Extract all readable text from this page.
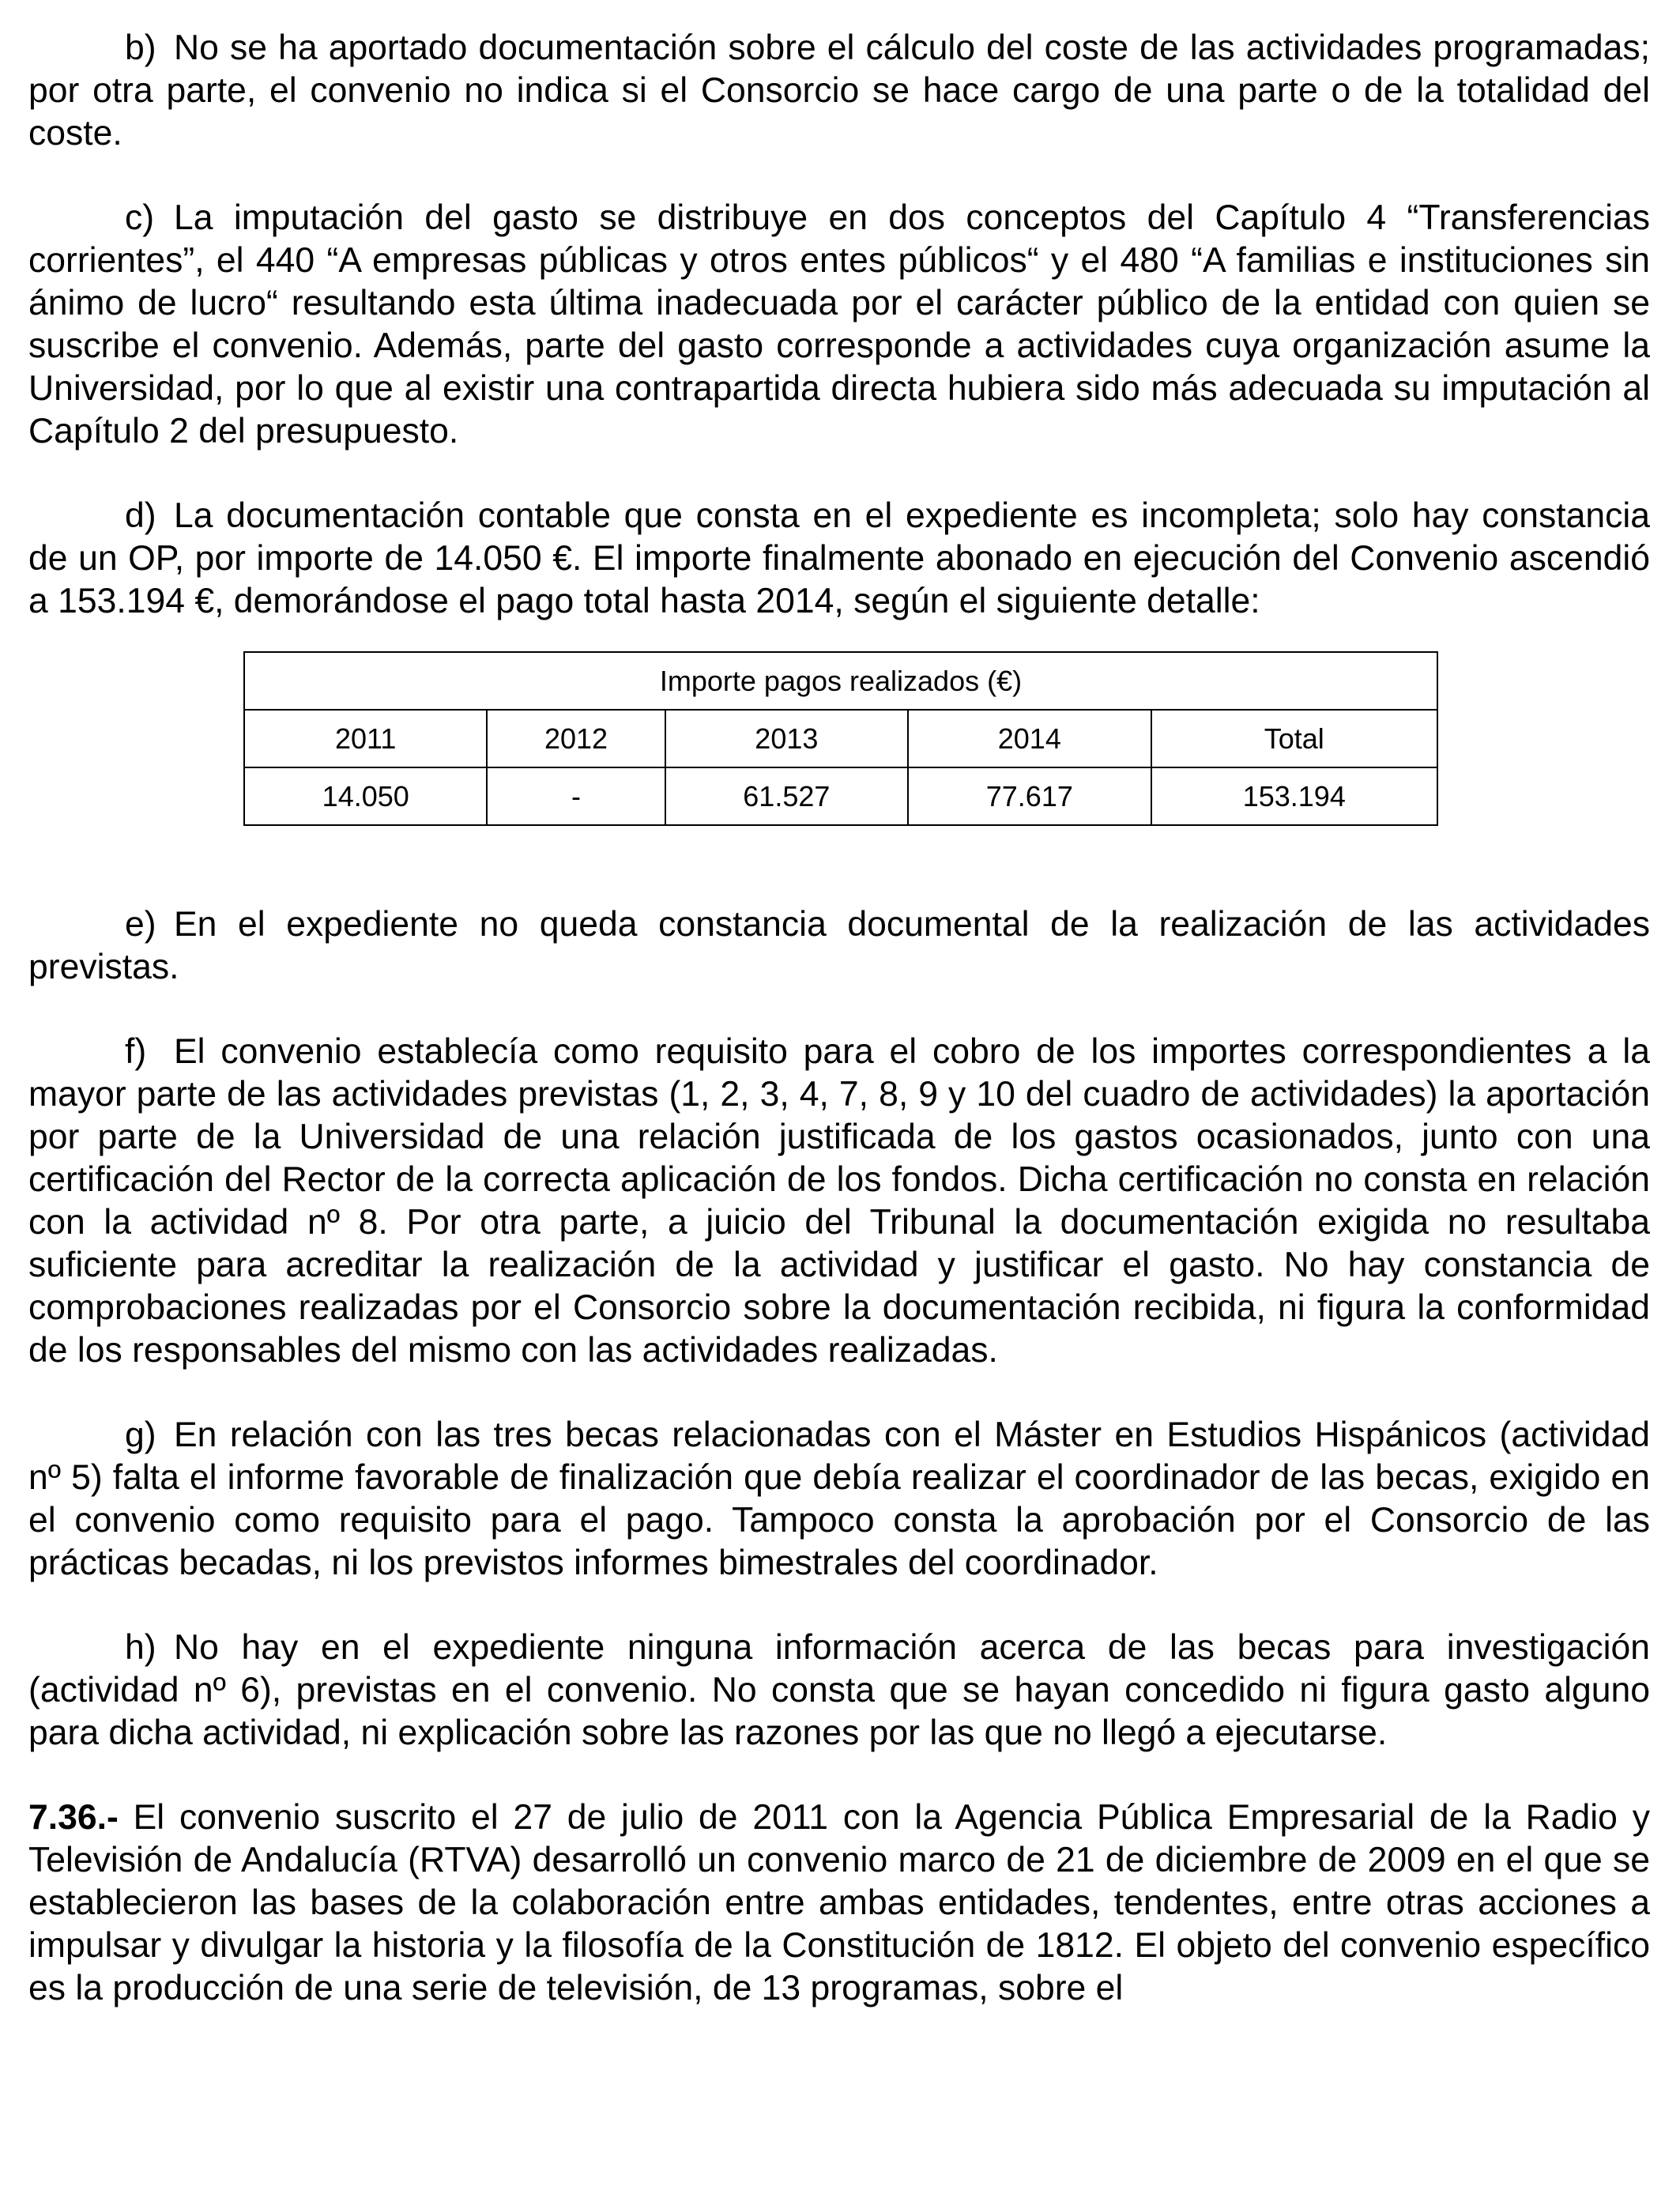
b) No se ha aportado documentación sobre el cálculo del coste de las actividades programadas; por otra parte, el convenio no indica si el Consorcio se hace cargo de una parte o de la totalidad del coste.

c) La imputación del gasto se distribuye en dos conceptos del Capítulo 4 “Transferencias corrientes”, el 440 “A empresas públicas y otros entes públicos“ y el 480 “A familias e instituciones sin ánimo de lucro“ resultando esta última inadecuada por el carácter público de la entidad con quien se suscribe el convenio. Además, parte del gasto corresponde a actividades cuya organización asume la Universidad, por lo que al existir una contrapartida directa hubiera sido más adecuada su imputación al Capítulo 2 del presupuesto.

d) La documentación contable que consta en el expediente es incompleta; solo hay constancia de un OP, por importe de 14.050 €. El importe finalmente abonado en ejecución del Convenio ascendió a 153.194 €, demorándose el pago total hasta 2014, según el siguiente detalle:

Importe pagos realizados (€)				
2011	2012	2013	2014	Total
14.050	-	61.527	77.617	153.194

e) En el expediente no queda constancia documental de la realización de las actividades previstas.

f) El convenio establecía como requisito para el cobro de los importes correspondientes a la mayor parte de las actividades previstas (1, 2, 3, 4, 7, 8, 9 y 10 del cuadro de actividades) la aportación por parte de la Universidad de una relación justificada de los gastos ocasionados, junto con una certificación del Rector de la correcta aplicación de los fondos. Dicha certificación no consta en relación con la actividad nº 8. Por otra parte, a juicio del Tribunal la documentación exigida no resultaba suficiente para acreditar la realización de la actividad y justificar el gasto. No hay constancia de comprobaciones realizadas por el Consorcio sobre la documentación recibida, ni figura la conformidad de los responsables del mismo con las actividades realizadas.

g) En relación con las tres becas relacionadas con el Máster en Estudios Hispánicos (actividad nº 5) falta el informe favorable de finalización que debía realizar el coordinador de las becas, exigido en el convenio como requisito para el pago. Tampoco consta la aprobación por el Consorcio de las prácticas becadas, ni los previstos informes bimestrales del coordinador.

h) No hay en el expediente ninguna información acerca de las becas para investigación (actividad nº 6), previstas en el convenio. No consta que se hayan concedido ni figura gasto alguno para dicha actividad, ni explicación sobre las razones por las que no llegó a ejecutarse.

7.36.- El convenio suscrito el 27 de julio de 2011 con la Agencia Pública Empresarial de la Radio y Televisión de Andalucía (RTVA) desarrolló un convenio marco de 21 de diciembre de 2009 en el que se establecieron las bases de la colaboración entre ambas entidades, tendentes, entre otras acciones a impulsar y divulgar la historia y la filosofía de la Constitución de 1812. El objeto del convenio específico es la producción de una serie de televisión, de 13 programas, sobre el
